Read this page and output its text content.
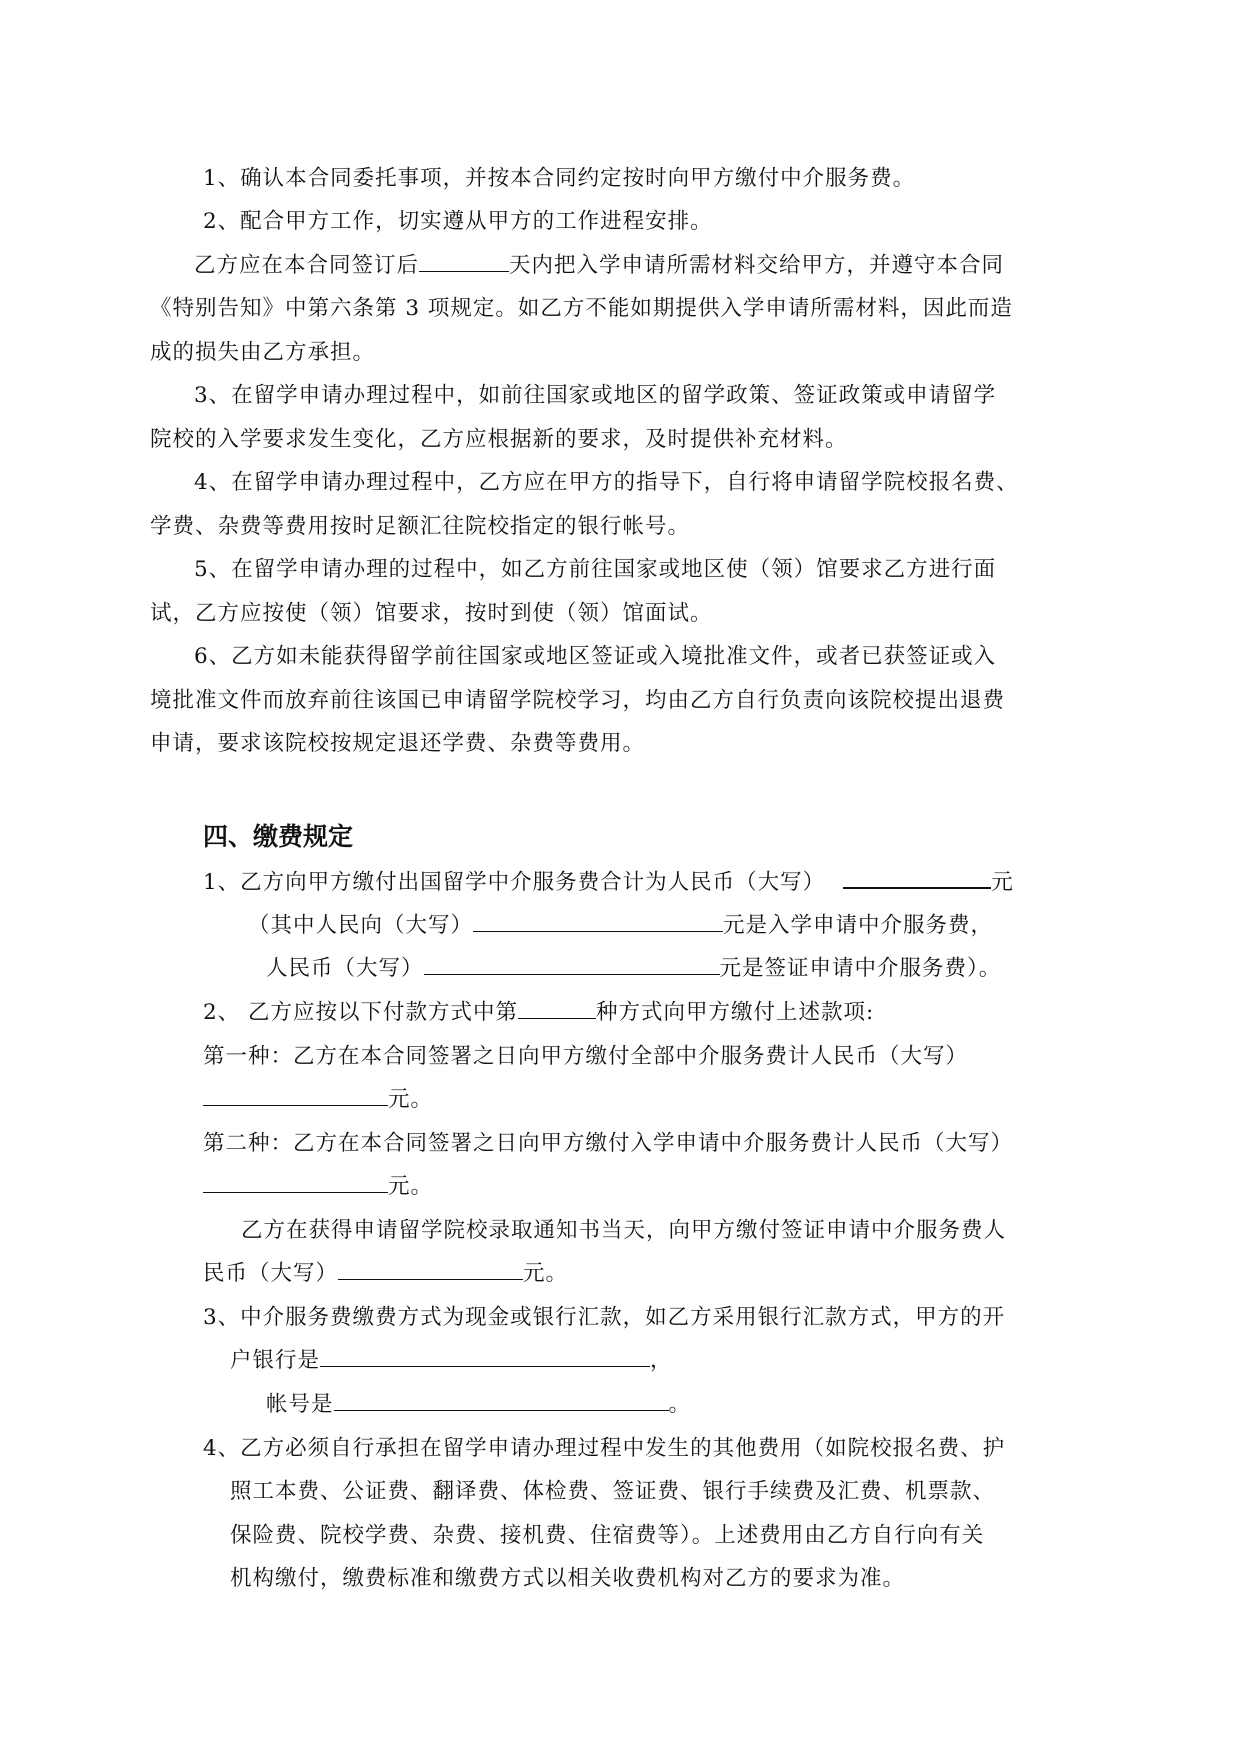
1、确认本合同委托事项，并按本合同约定按时向甲方缴付中介服务费。
2、配合甲方工作，切实遵从甲方的工作进程安排。
乙方应在本合同签订后	天内把入学申请所需材料交给甲方，并遵守本合同
《特别告知》中第六条第 3 项规定。如乙方不能如期提供入学申请所需材料，因此而造
成的损失由乙方承担。
3、在留学申请办理过程中，如前往国家或地区的留学政策、签证政策或申请留学
院校的入学要求发生变化，乙方应根据新的要求，及时提供补充材料。
4、在留学申请办理过程中，乙方应在甲方的指导下，自行将申请留学院校报名费、
学费、杂费等费用按时足额汇往院校指定的银行帐号。
5、在留学申请办理的过程中，如乙方前往国家或地区使（领）馆要求乙方进行面
试，乙方应按使（领）馆要求，按时到使（领）馆面试。
6、乙方如未能获得留学前往国家或地区签证或入境批准文件，或者已获签证或入
境批准文件而放弃前往该国已申请留学院校学习，均由乙方自行负责向该院校提出退费
申请，要求该院校按规定退还学费、杂费等费用。
四、缴费规定
1、乙方向甲方缴付出国留学中介服务费合计为人民币（大写）	元
（其中人民向（大写）	元是入学申请中介服务费，
人民币（大写）	元是签证申请中介服务费）。
2、 乙方应按以下付款方式中第	种方式向甲方缴付上述款项:
第一种：乙方在本合同签署之日向甲方缴付全部中介服务费计人民币（大写）
元。
第二种：乙方在本合同签署之日向甲方缴付入学申请中介服务费计人民币（大写）
元。
乙方在获得申请留学院校录取通知书当天，向甲方缴付签证申请中介服务费人
民币（大写）	元。
3、中介服务费缴费方式为现金或银行汇款，如乙方采用银行汇款方式，甲方的开
户银行是	，
帐号是	。
4、乙方必须自行承担在留学申请办理过程中发生的其他费用（如院校报名费、护
照工本费、公证费、翻译费、体检费、签证费、银行手续费及汇费、机票款、
保险费、院校学费、杂费、接机费、住宿费等）。上述费用由乙方自行向有关
机构缴付，缴费标准和缴费方式以相关收费机构对乙方的要求为准。
